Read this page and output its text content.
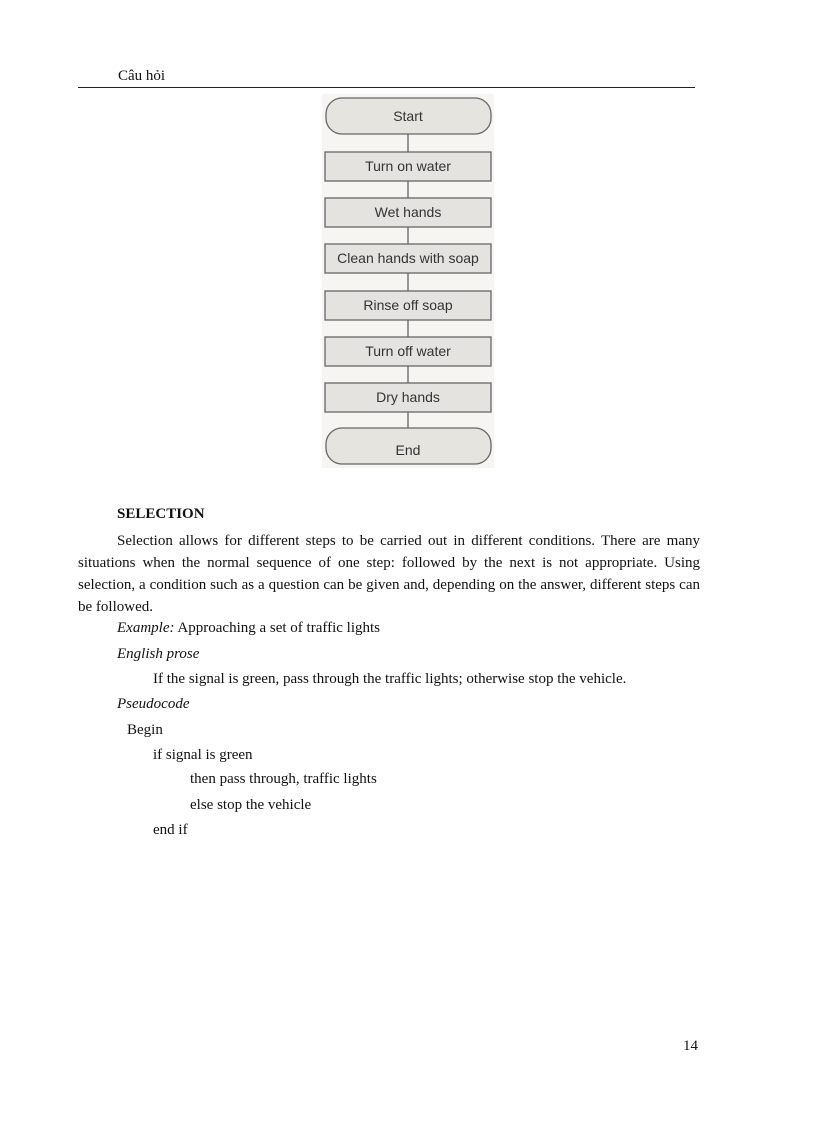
Câu hỏi
Start
Turn on water
Wet hands
Clean hands with soap
Rinse off soap
Turn off water
Dry hands
End
SELECTION
Selection allows for different steps to be carried out in different conditions. There are many situations when the normal sequence of one step: followed by the next is not appropriate. Using selection, a condition such as a question can be given and, depending on the answer, different steps can be followed.
Example: Approaching a set of traffic lights
English prose
If the signal is green, pass through the traffic lights; otherwise stop the vehicle.
Pseudocode
Begin
if signal is green
then pass through, traffic lights
else stop the vehicle
end if
14
